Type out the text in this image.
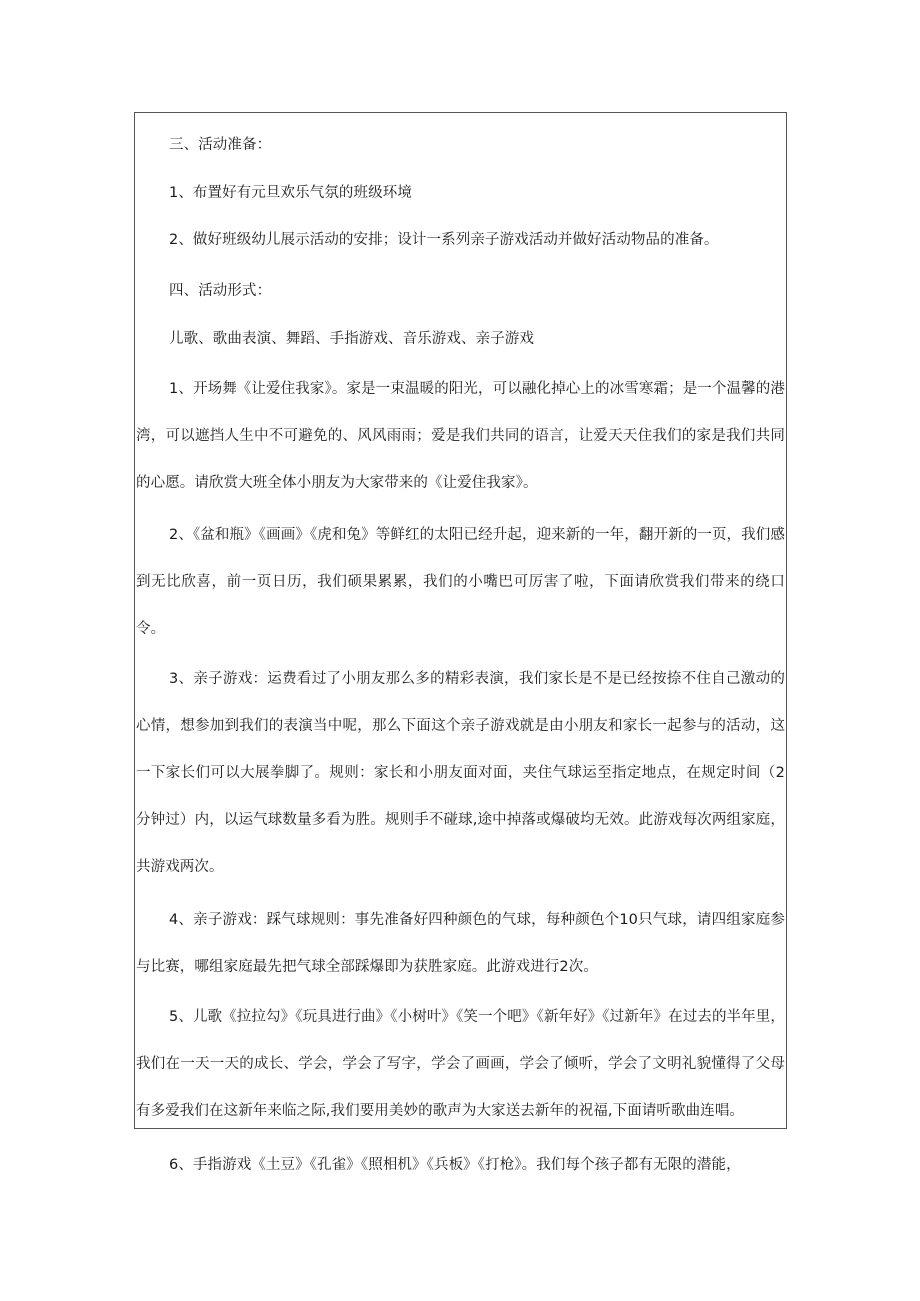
三、活动准备：

1、布置好有元旦欢乐气氛的班级环境

2、做好班级幼儿展示活动的安排；设计一系列亲子游戏活动并做好活动物品的准备。

四、活动形式：

儿歌、歌曲表演、舞蹈、手指游戏、音乐游戏、亲子游戏

1、开场舞《让爱住我家》。家是一束温暖的阳光，可以融化掉心上的冰雪寒霜；是一个温馨的港湾，可以遮挡人生中不可避免的、风风雨雨；爱是我们共同的语言，让爱天天住我们的家是我们共同的心愿。请欣赏大班全体小朋友为大家带来的《让爱住我家》。

2、《盆和瓶》《画画》《虎和兔》等鲜红的太阳已经升起，迎来新的一年，翻开新的一页，我们感到无比欣喜，前一页日历，我们硕果累累，我们的小嘴巴可厉害了啦，下面请欣赏我们带来的绕口令。

3、亲子游戏：运费看过了小朋友那么多的精彩表演，我们家长是不是已经按捺不住自己激动的心情，想参加到我们的表演当中呢，那么下面这个亲子游戏就是由小朋友和家长一起参与的活动，这一下家长们可以大展拳脚了。规则：家长和小朋友面对面，夹住气球运至指定地点，在规定时间（2分钟过）内，以运气球数量多看为胜。规则手不碰球,途中掉落或爆破均无效。此游戏每次两组家庭，共游戏两次。

4、亲子游戏：踩气球规则：事先准备好四种颜色的气球，每种颜色个10只气球，请四组家庭参与比赛，哪组家庭最先把气球全部踩爆即为获胜家庭。此游戏进行2次。

5、儿歌《拉拉勾》《玩具进行曲》《小树叶》《笑一个吧》《新年好》《过新年》在过去的半年里，我们在一天一天的成长、学会，学会了写字，学会了画画，学会了倾听，学会了文明礼貌懂得了父母有多爱我们在这新年来临之际,我们要用美妙的歌声为大家送去新年的祝福,下面请听歌曲连唱。

6、手指游戏《土豆》《孔雀》《照相机》《兵板》《打枪》。我们每个孩子都有无限的潜能，
